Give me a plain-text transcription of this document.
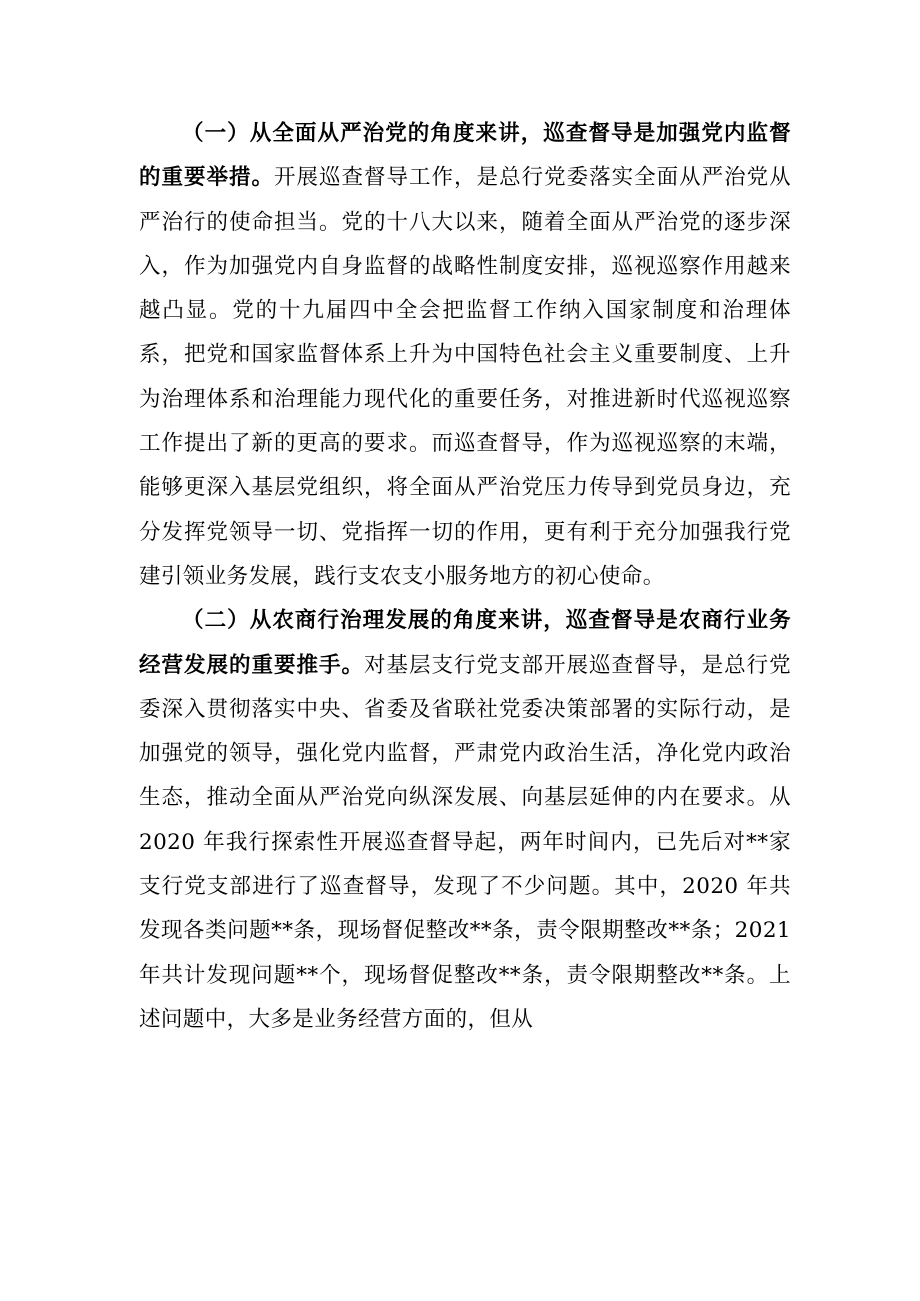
（一）从全面从严治党的角度来讲，巡查督导是加强党内监督的重要举措。开展巡查督导工作，是总行党委落实全面从严治党从严治行的使命担当。党的十八大以来，随着全面从严治党的逐步深入，作为加强党内自身监督的战略性制度安排，巡视巡察作用越来越凸显。党的十九届四中全会把监督工作纳入国家制度和治理体系，把党和国家监督体系上升为中国特色社会主义重要制度、上升为治理体系和治理能力现代化的重要任务，对推进新时代巡视巡察工作提出了新的更高的要求。而巡查督导，作为巡视巡察的末端，能够更深入基层党组织，将全面从严治党压力传导到党员身边，充分发挥党领导一切、党指挥一切的作用，更有利于充分加强我行党建引领业务发展，践行支农支小服务地方的初心使命。

（二）从农商行治理发展的角度来讲，巡查督导是农商行业务经营发展的重要推手。对基层支行党支部开展巡查督导，是总行党委深入贯彻落实中央、省委及省联社党委决策部署的实际行动，是加强党的领导，强化党内监督，严肃党内政治生活，净化党内政治生态，推动全面从严治党向纵深发展、向基层延伸的内在要求。从 2020 年我行探索性开展巡查督导起，两年时间内，已先后对**家支行党支部进行了巡查督导，发现了不少问题。其中，2020 年共发现各类问题**条，现场督促整改**条，责令限期整改**条；2021 年共计发现问题**个，现场督促整改**条，责令限期整改**条。上述问题中，大多是业务经营方面的，但从
